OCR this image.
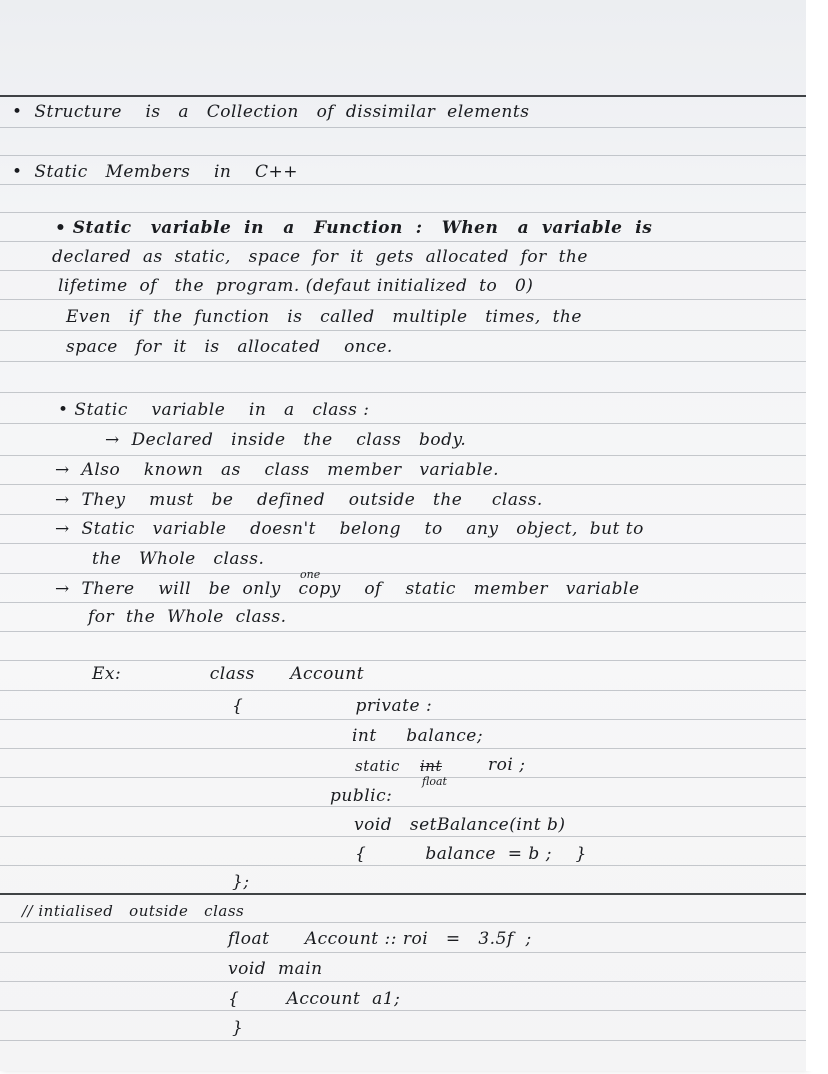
•  Structure    is   a   Collection   of  dissimilar  elements

•  Static   Members    in    C++

• Static   variable  in   a   Function  :   When   a  variable  is

declared  as  static,   space  for  it  gets  allocated  for  the

lifetime  of   the  program. (defaut initialized  to   0)

Even   if  the  function   is   called   multiple   times,  the

space   for  it   is   allocated    once.

• Static    variable    in   a   class :

→  Declared   inside   the    class   body.

→  Also    known   as    class   member   variable.

→  They    must   be    defined    outside   the     class.

→  Static   variable    doesn't    belong    to    any   object,  but to

the   Whole   class.

→  There    will   be  only   copy    of    static   member   variable

one

for  the  Whole  class.

Ex:               class      Account

{                   private :

int     balance;

static

int

	roi ;

float

public:

void   setBalance(int b)

{          balance  = b ;    }

};

// intialised   outside   class

float      Account :: roi   =   3.5f  ;

void  main

{        Account  a1;

}
